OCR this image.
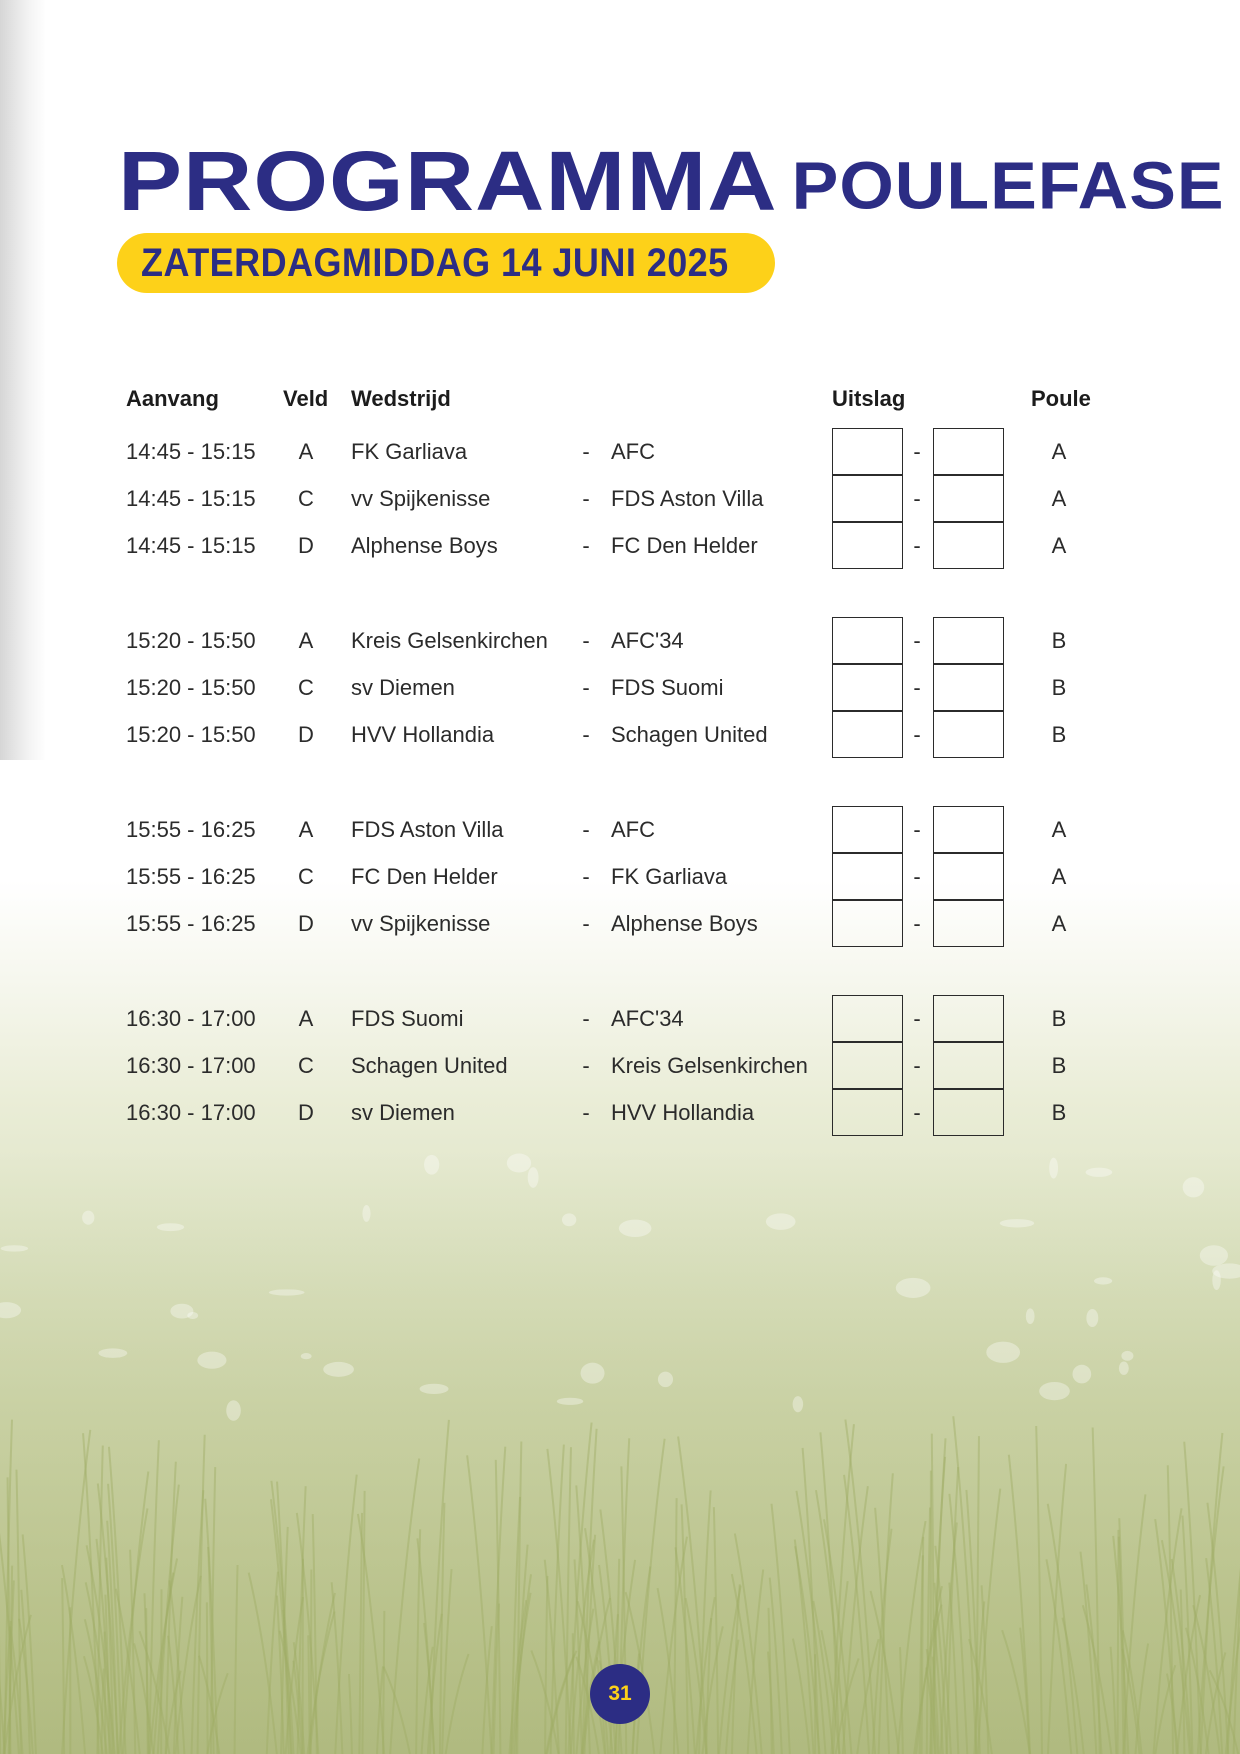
PROGRAMMA POULEFASE
ZATERDAGMIDDAG 14 JUNI 2025
Aanvang	Veld Wedstrijd	Uitslag	Poule
14:45 - 15:15	A	FK Garliava	- AFC	-	A
14:45 - 15:15	C	vv Spijkenisse	- FDS Aston Villa	-	A
14:45 - 15:15	D	Alphense Boys	- FC Den Helder	-	A
15:20 - 15:50	A	Kreis Gelsenkirchen - AFC'34	-	B
15:20 - 15:50	C	sv Diemen	- FDS Suomi	-	B
15:20 - 15:50	D	HVV Hollandia	- Schagen United	-	B
15:55 - 16:25	A	FDS Aston Villa	- AFC	-	A
15:55 - 16:25	C	FC Den Helder	- FK Garliava	-	A
15:55 - 16:25	D	vv Spijkenisse	- Alphense Boys	-	A
16:30 - 17:00	A	FDS Suomi	- AFC'34	-	B
16:30 - 17:00	C	Schagen United	- Kreis Gelsenkirchen	-	B
16:30 - 17:00	D	sv Diemen	- HVV Hollandia	-	B
31
